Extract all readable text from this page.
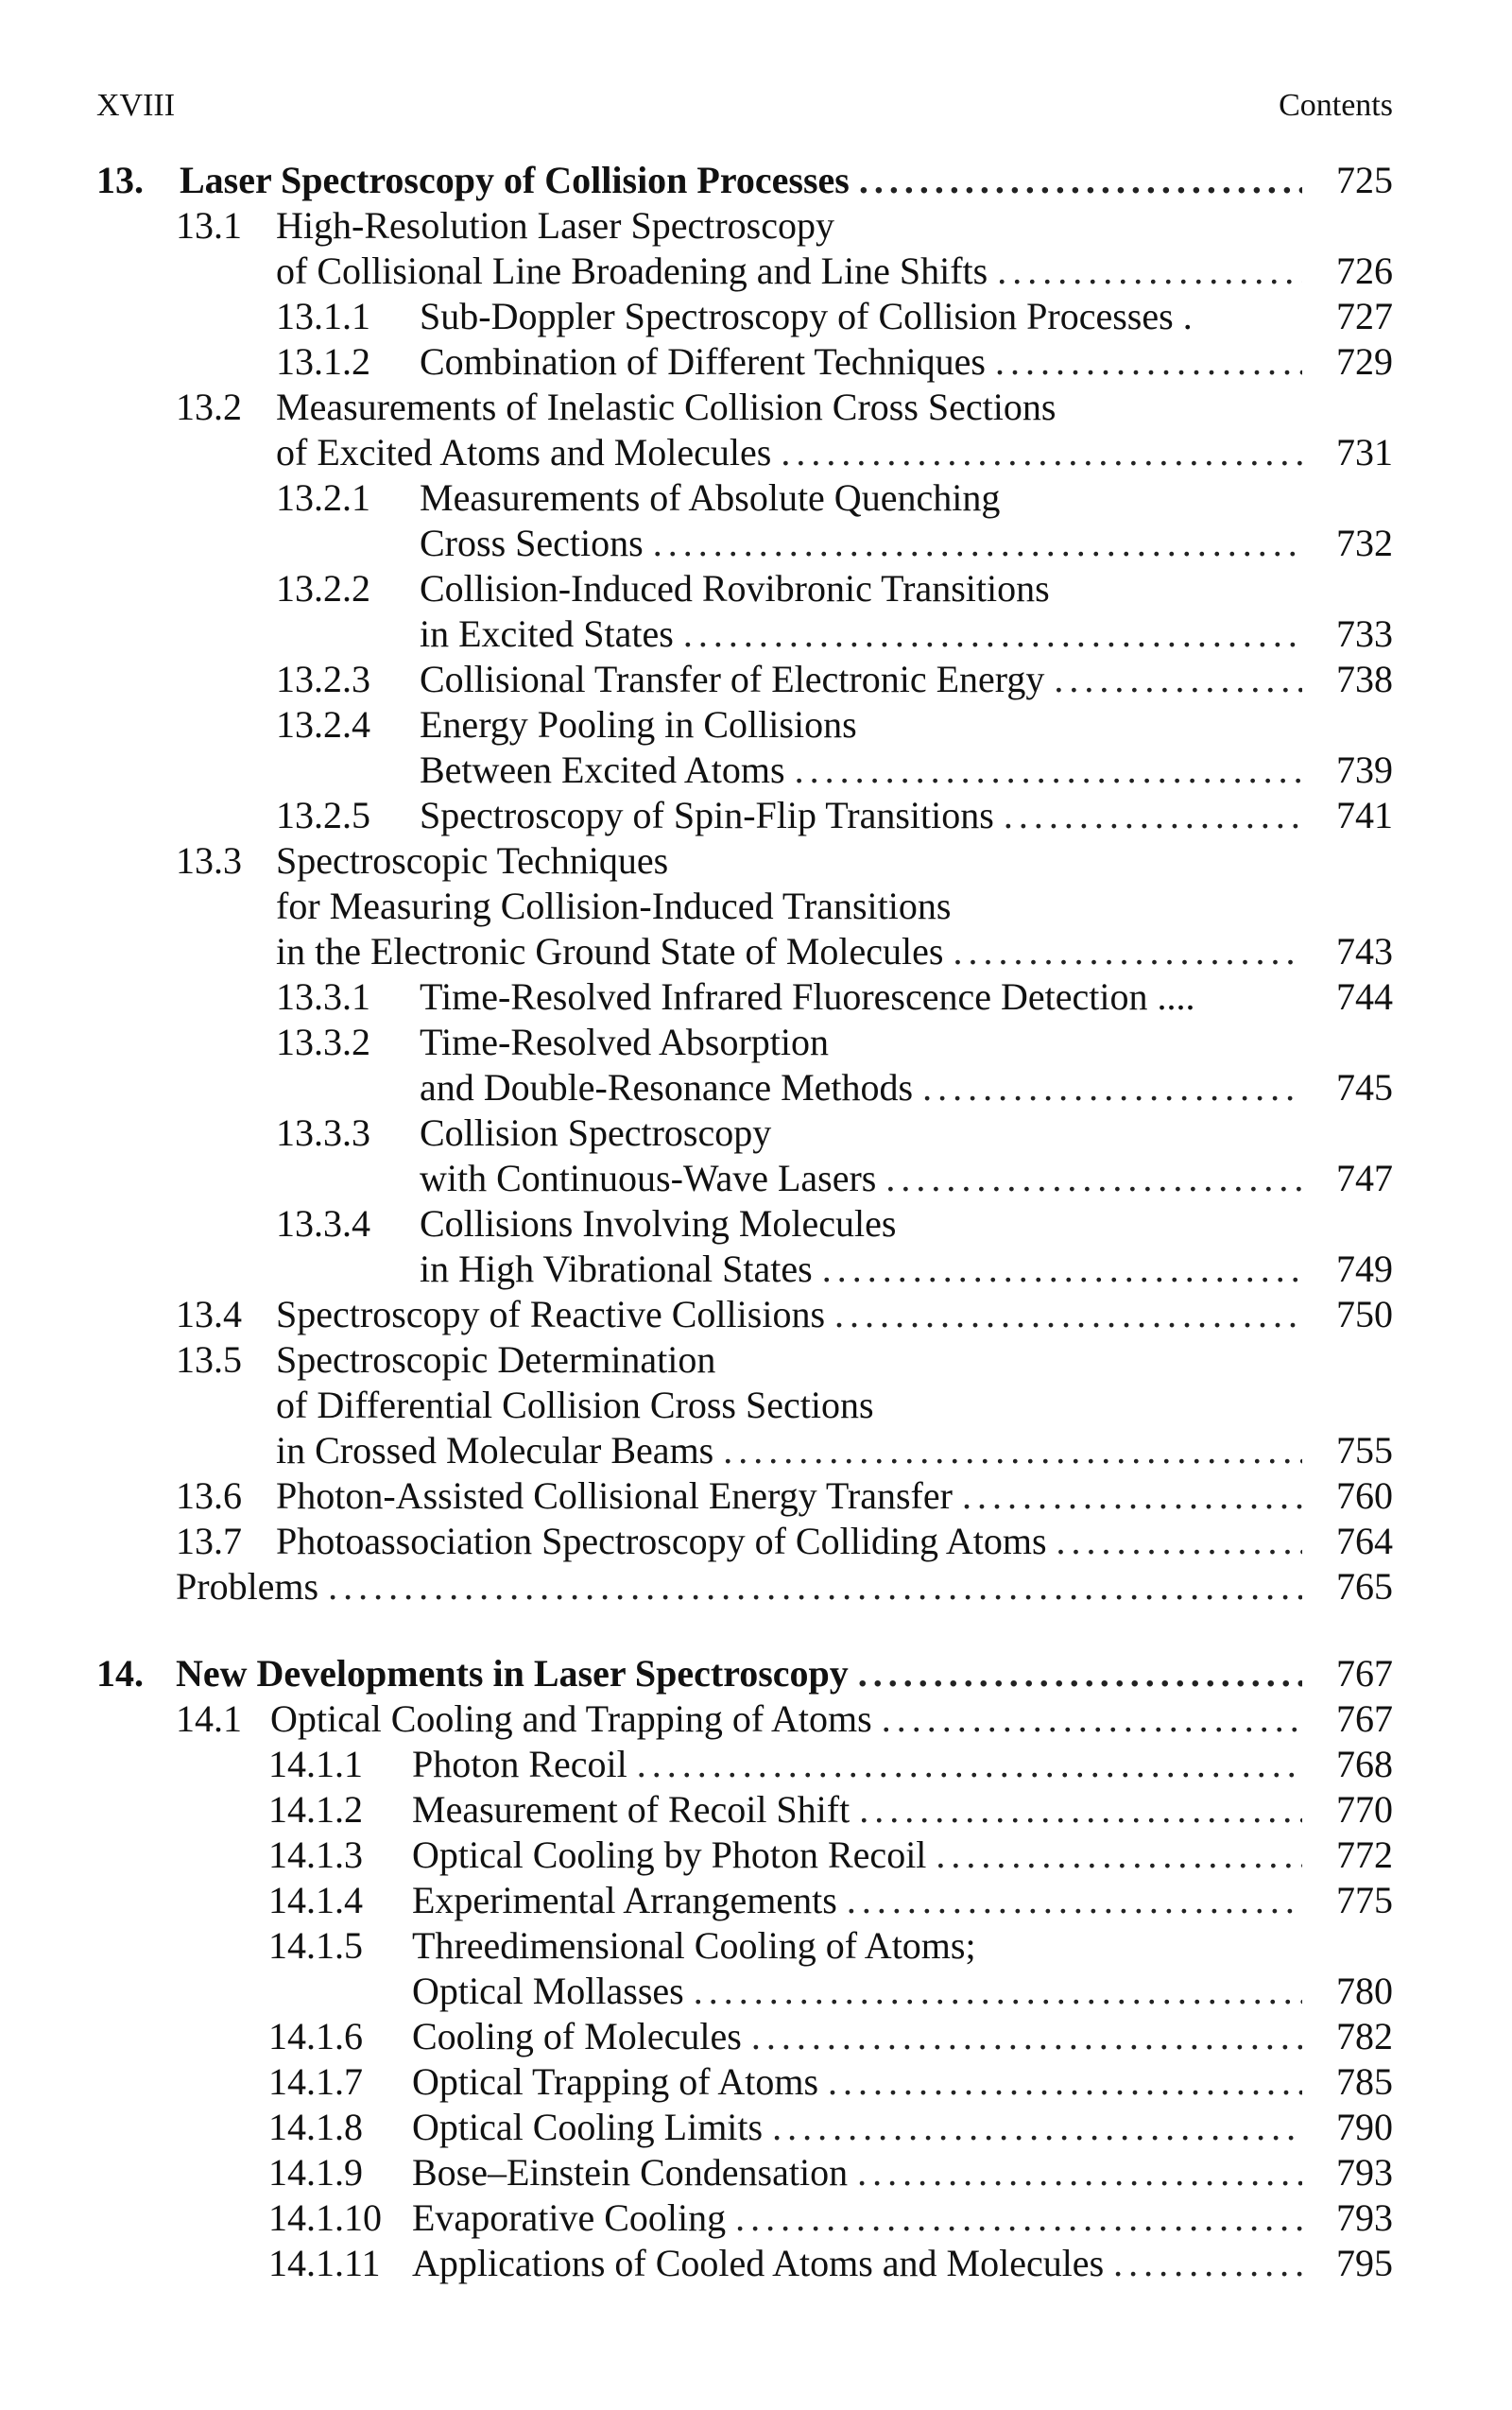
XVIII	Contents
13. Laser Spectroscopy of Collision Processes . . .	725
13.1 High-Resolution Laser Spectroscopy
of Collisional Line Broadening and Line Shifts . . .	726
13.1.1 Sub-Doppler Spectroscopy of Collision Processes .	727
13.1.2 Combination of Different Techniques . . .	729
13.2 Measurements of Inelastic Collision Cross Sections
of Excited Atoms and Molecules . . .	731
13.2.1 Measurements of Absolute Quenching
Cross Sections . . .	732
13.2.2 Collision-Induced Rovibronic Transitions
in Excited States . . .	733
13.2.3 Collisional Transfer of Electronic Energy . . .	738
13.2.4 Energy Pooling in Collisions
Between Excited Atoms . . .	739
13.2.5 Spectroscopy of Spin-Flip Transitions . . .	741
13.3 Spectroscopic Techniques
for Measuring Collision-Induced Transitions
in the Electronic Ground State of Molecules . . .	743
13.3.1 Time-Resolved Infrared Fluorescence Detection ....	744
13.3.2 Time-Resolved Absorption
and Double-Resonance Methods . . .	745
13.3.3 Collision Spectroscopy
with Continuous-Wave Lasers . . .	747
13.3.4 Collisions Involving Molecules
in High Vibrational States . . .	749
13.4 Spectroscopy of Reactive Collisions . . .	750
13.5 Spectroscopic Determination
of Differential Collision Cross Sections
in Crossed Molecular Beams . . .	755
13.6 Photon-Assisted Collisional Energy Transfer . . .	760
13.7 Photoassociation Spectroscopy of Colliding Atoms . . .	764
Problems . . .	765
14. New Developments in Laser Spectroscopy . . .	767
14.1 Optical Cooling and Trapping of Atoms . . .	767
14.1.1 Photon Recoil . . .	768
14.1.2 Measurement of Recoil Shift . . .	770
14.1.3 Optical Cooling by Photon Recoil . . .	772
14.1.4 Experimental Arrangements . . .	775
14.1.5 Threedimensional Cooling of Atoms;
Optical Mollasses . . .	780
14.1.6 Cooling of Molecules . . .	782
14.1.7 Optical Trapping of Atoms . . .	785
14.1.8 Optical Cooling Limits . . .	790
14.1.9 Bose–Einstein Condensation . . .	793
14.1.10 Evaporative Cooling . . .	793
14.1.11 Applications of Cooled Atoms and Molecules . . .	795
